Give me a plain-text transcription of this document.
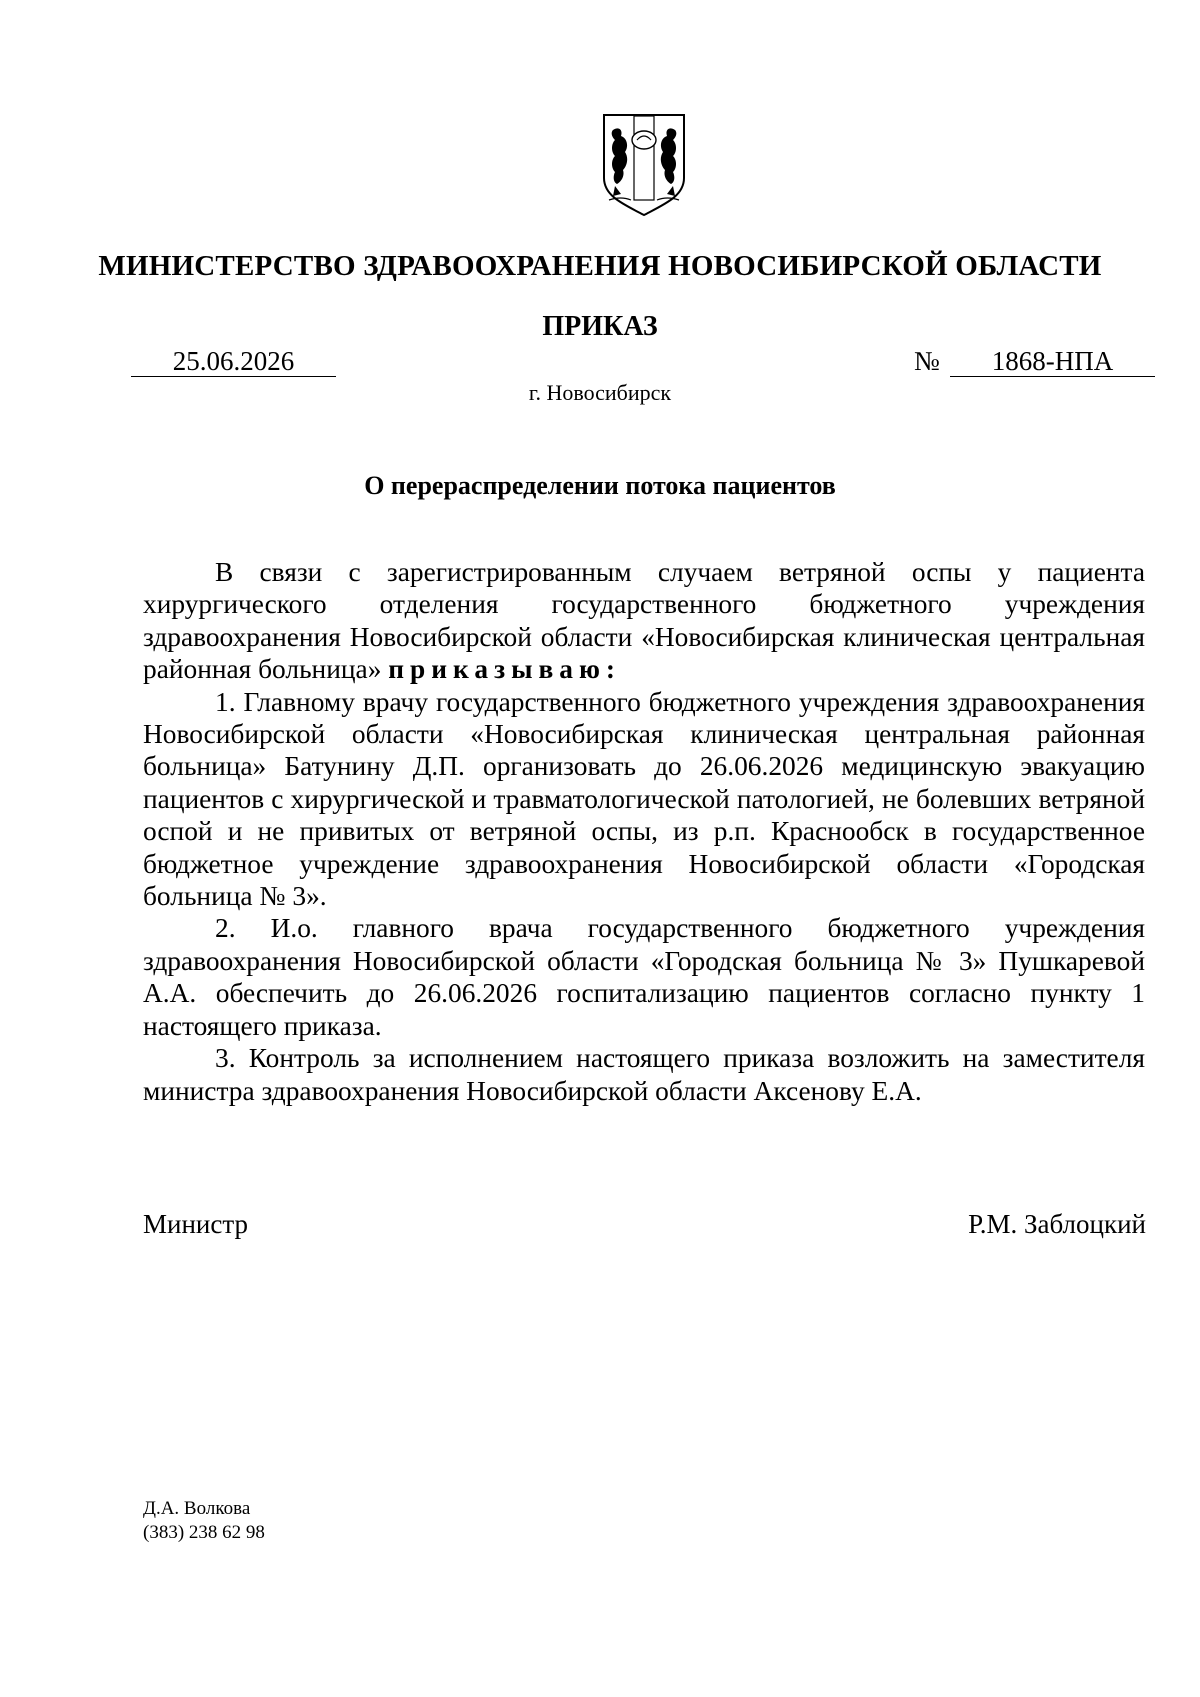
МИНИСТЕРСТВО ЗДРАВООХРАНЕНИЯ НОВОСИБИРСКОЙ ОБЛАСТИ
ПРИКАЗ
25.06.2026	№	1868-НПА
г. Новосибирск
О перераспределении потока пациентов

В связи с зарегистрированным случаем ветряной оспы у пациента хирургического отделения государственного бюджетного учреждения здравоохранения Новосибирской области «Новосибирская клиническая центральная районная больница» приказываю:

1. Главному врачу государственного бюджетного учреждения здравоохранения Новосибирской области «Новосибирская клиническая центральная районная больница» Батунину Д.П. организовать до 26.06.2026 медицинскую эвакуацию пациентов с хирургической и травматологической патологией, не болевших ветряной оспой и не привитых от ветряной оспы, из р.п. Краснообск в государственное бюджетное учреждение здравоохранения Новосибирской области «Городская больница № 3».

2. И.о. главного врача государственного бюджетного учреждения здравоохранения Новосибирской области «Городская больница № 3» Пушкаревой А.А. обеспечить до 26.06.2026 госпитализацию пациентов согласно пункту 1 настоящего приказа.

3. Контроль за исполнением настоящего приказа возложить на заместителя министра здравоохранения Новосибирской области Аксенову Е.А.

Министр	Р.М. Заблоцкий
Д.А. Волкова
(383) 238 62 98
